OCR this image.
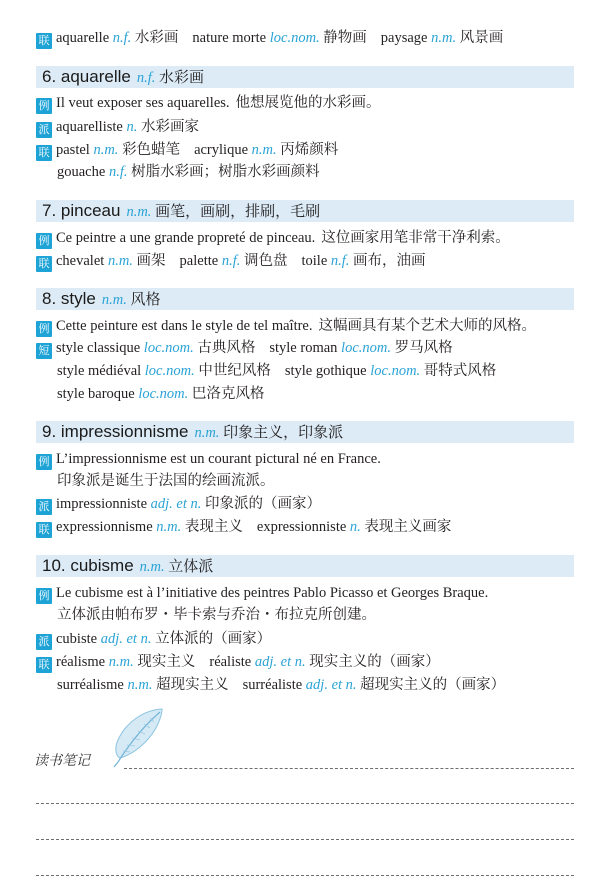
联 aquarelle n.f. 水彩画 nature morte loc.nom. 静物画 paysage n.m. 风景画
6. aquarelle n.f. 水彩画
例 Il veut exposer ses aquarelles. 他想展览他的水彩画。
派 aquarelliste n. 水彩画家
联 pastel n.m. 彩色蜡笔 acrylique n.m. 丙烯颜料
gouache n.f. 树脂水彩画；树脂水彩画颜料
7. pinceau n.m. 画笔，画刷，排刷，毛刷
例 Ce peintre a une grande propreté de pinceau. 这位画家用笔非常干净利索。
联 chevalet n.m. 画架 palette n.f. 调色盘 toile n.f. 画布，油画
8. style n.m. 风格
例 Cette peinture est dans le style de tel maître. 这幅画具有某个艺术大师的风格。
短 style classique loc.nom. 古典风格 style roman loc.nom. 罗马风格
style médiéval loc.nom. 中世纪风格 style gothique loc.nom. 哥特式风格
style baroque loc.nom. 巴洛克风格
9. impressionnisme n.m. 印象主义，印象派
例 L’impressionnisme est un courant pictural né en France.
印象派是诞生于法国的绘画流派。
派 impressionniste adj. et n. 印象派的（画家）
联 expressionnisme n.m. 表现主义 expressionniste n. 表现主义画家
10. cubisme n.m. 立体派
例 Le cubisme est à l’initiative des peintres Pablo Picasso et Georges Braque.
立体派由帕布罗・毕卡索与乔治・布拉克所创建。
派 cubiste adj. et n. 立体派的（画家）
联 réalisme n.m. 现实主义 réaliste adj. et n. 现实主义的（画家）
surréalisme n.m. 超现实主义 surréaliste adj. et n. 超现实主义的（画家）
读书笔记
